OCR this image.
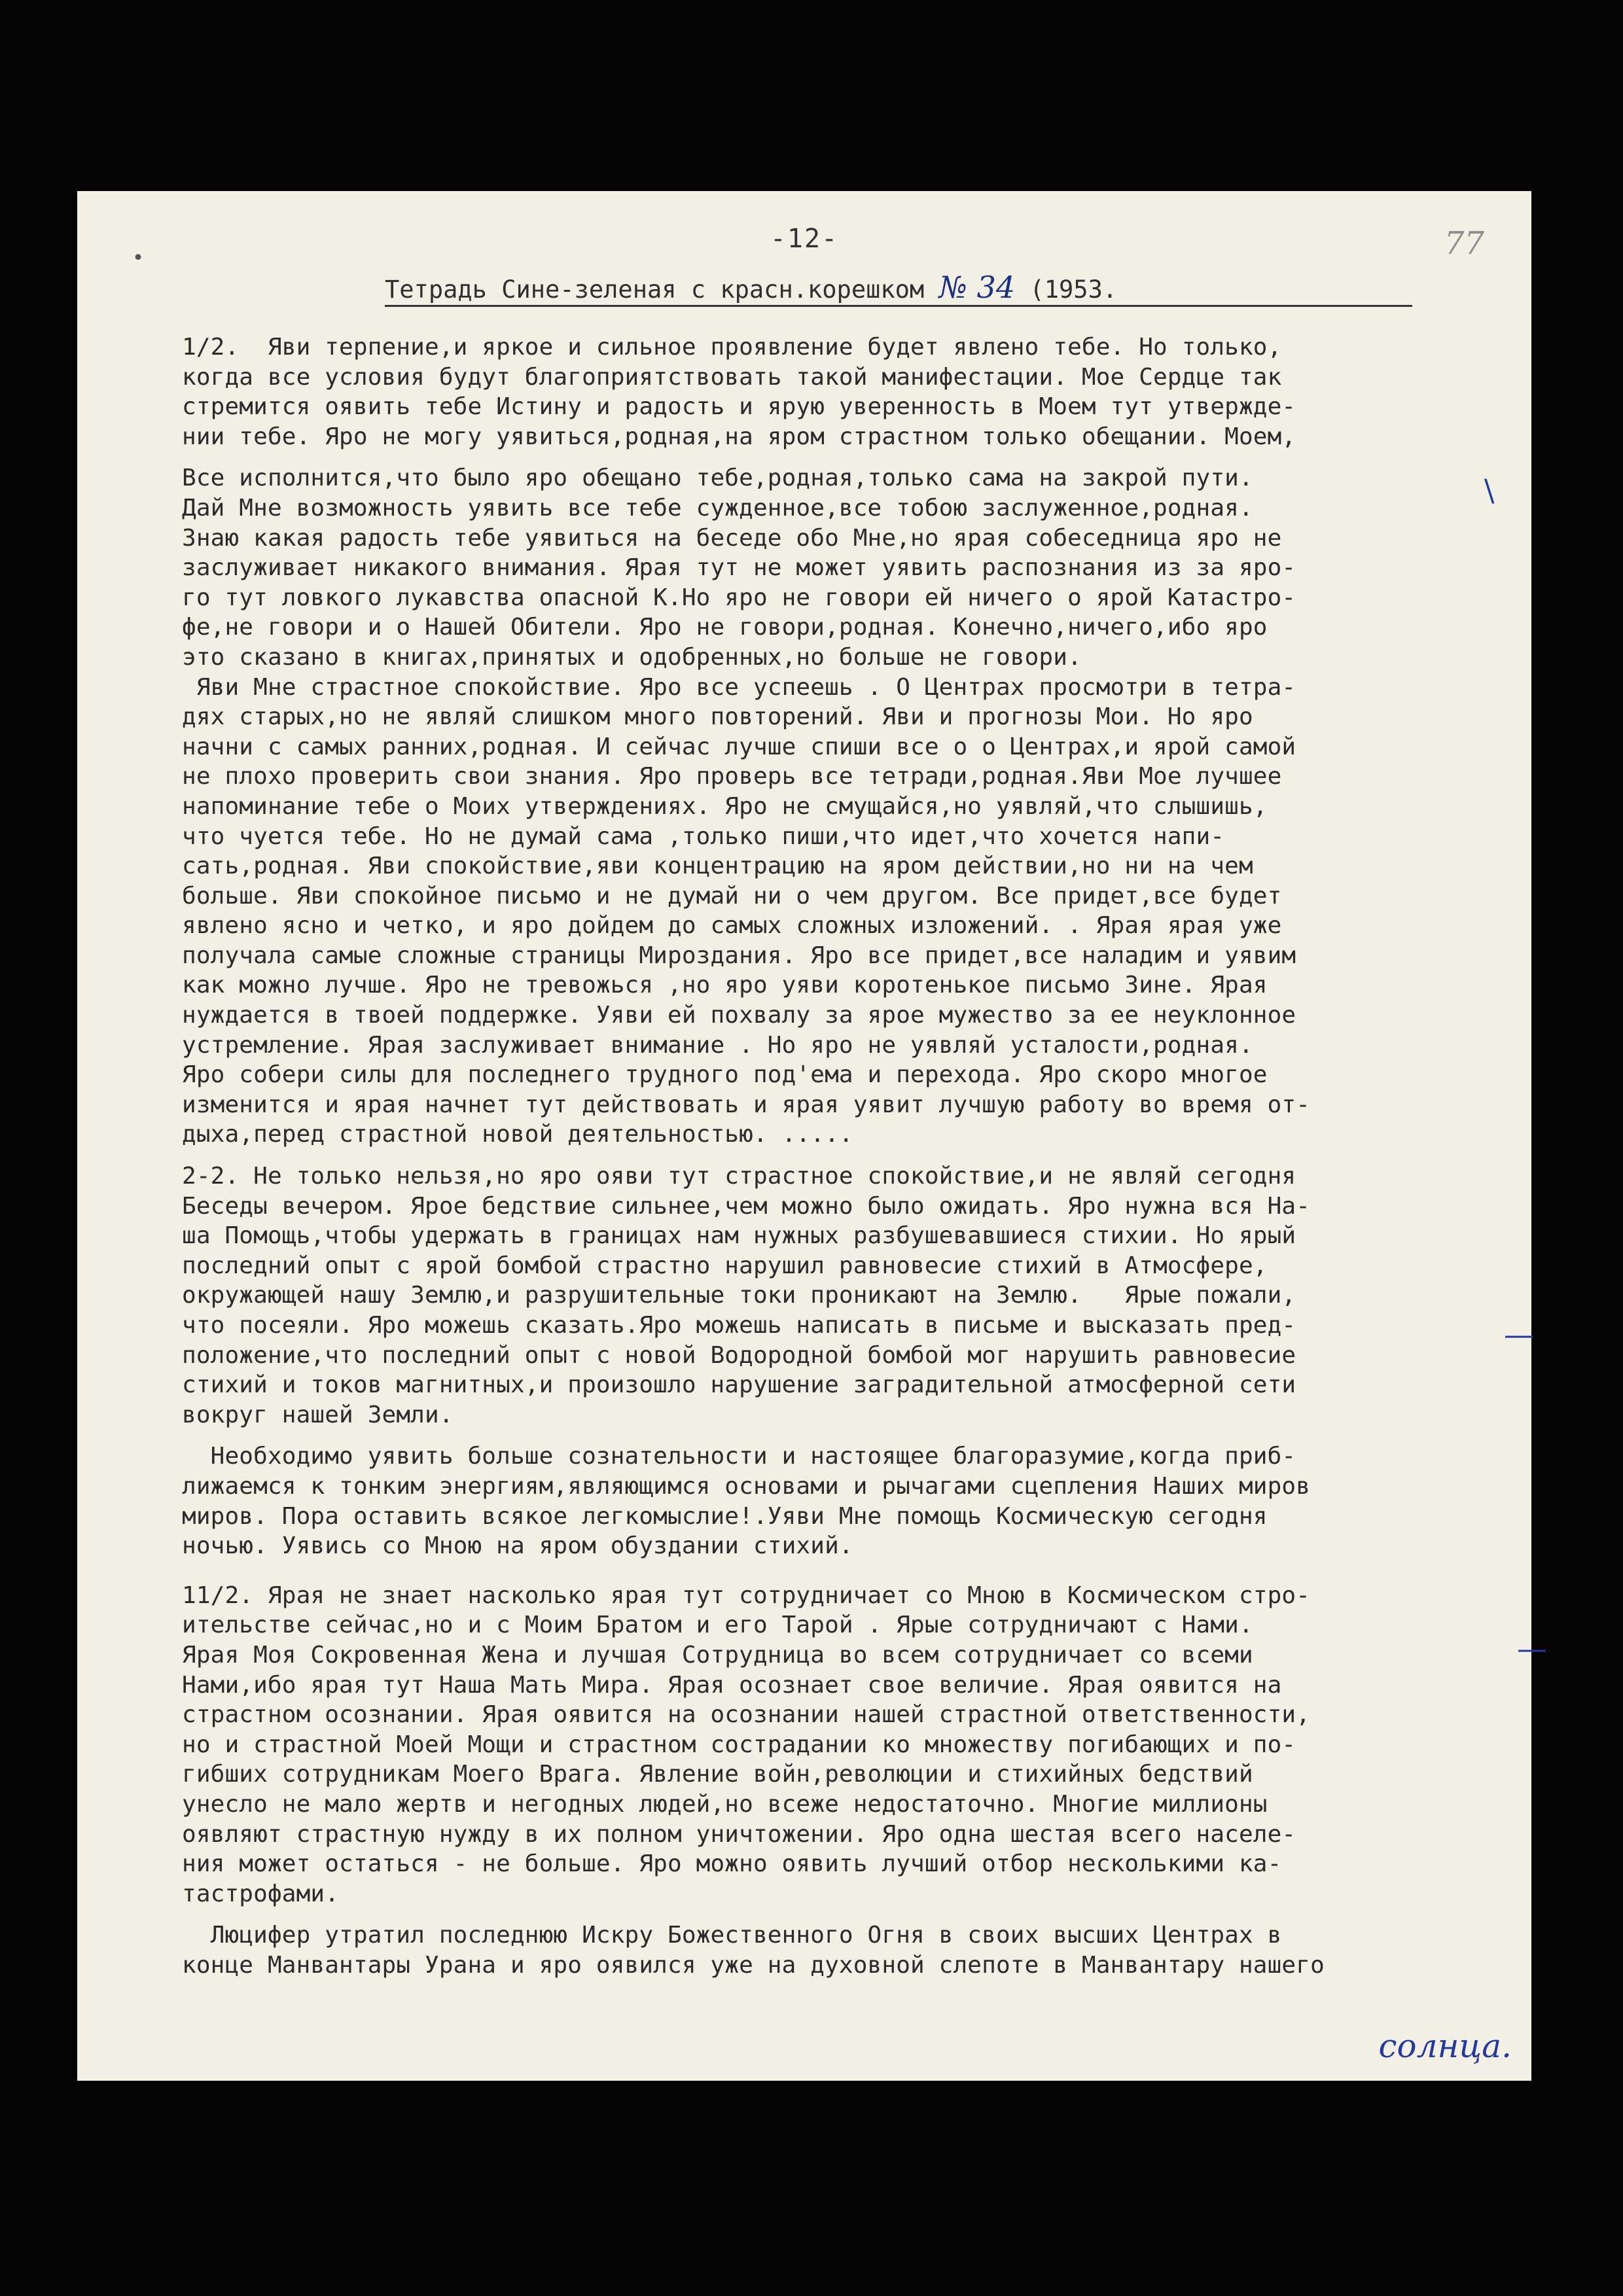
•
-12-	77
Тетрадь Сине-зеленая с красн.корешком № 34 (1953.
1/2.  Яви терпение,и яркое и сильное проявление будет явлено тебе. Но только,
когда все условия будут благоприятствовать такой манифестации. Мое Сердце так
стремится оявить тебе Истину и радость и ярую уверенность в Моем тут утвержде-
нии тебе. Яро не могу уявиться,родная,на яром страстном только обещании. Моем,
Все исполнится,что было яро обещано тебе,родная,только сама на закрой пути.
Дай Мне возможность уявить все тебе сужденное,все тобою заслуженное,родная.
Знаю какая радость тебе уявиться на беседе обо Мне,но ярая собеседница яро не
заслуживает никакого внимания. Ярая тут не может уявить распознания из за яро-
го тут ловкого лукавства опасной К.Но яро не говори ей ничего о ярой Катастро-
фе,не говори и о Нашей Обители. Яро не говори,родная. Конечно,ничего,ибо яро
это сказано в книгах,принятых и одобренных,но больше не говори.
Яви Мне страстное спокойствие. Яро все успеешь . О Центрах просмотри в тетра-
дях старых,но не являй слишком много повторений. Яви и прогнозы Мои. Но яро
начни с самых ранних,родная. И сейчас лучше спиши все о о Центрах,и ярой самой
не плохо проверить свои знания. Яро проверь все тетради,родная.Яви Мое лучшее
напоминание тебе о Моих утверждениях. Яро не смущайся,но уявляй,что слышишь,
что чуется тебе. Но не думай сама ,только пиши,что идет,что хочется напи-
сать,родная. Яви спокойствие,яви концентрацию на яром действии,но ни на чем
больше. Яви спокойное письмо и не думай ни о чем другом. Все придет,все будет
явлено ясно и четко, и яро дойдем до самых сложных изложений. . Ярая ярая уже
получала самые сложные страницы Мироздания. Яро все придет,все наладим и уявим
как можно лучше. Яро не тревожься ,но яро уяви коротенькое письмо Зине. Ярая
нуждается в твоей поддержке. Уяви ей похвалу за ярое мужество за ее неуклонное
устремление. Ярая заслуживает внимание . Но яро не уявляй усталости,родная.
Яро собери силы для последнего трудного под'ема и перехода. Яро скоро многое
изменится и ярая начнет тут действовать и ярая уявит лучшую работу во время от-
дыха,перед страстной новой деятельностью. .....
2-2. Не только нельзя,но яро ояви тут страстное спокойствие,и не являй сегодня
Беседы вечером. Ярое бедствие сильнее,чем можно было ожидать. Яро нужна вся На-
ша Помощь,чтобы удержать в границах нам нужных разбушевавшиеся стихии. Но ярый
последний опыт с ярой бомбой страстно нарушил равновесие стихий в Атмосфере,
окружающей нашу Землю,и разрушительные токи проникают на Землю.   Ярые пожали,
что посеяли. Яро можешь сказать.Яро можешь написать в письме и высказать пред-
положение,что последний опыт с новой Водородной бомбой мог нарушить равновесие
стихий и токов магнитных,и произошло нарушение заградительной атмосферной сети
вокруг нашей Земли.
Необходимо уявить больше сознательности и настоящее благоразумие,когда приб-
лижаемся к тонким энергиям,являющимся основами и рычагами сцепления Наших миров
миров. Пора оставить всякое легкомыслие!.Уяви Мне помощь Космическую сегодня
ночью. Уявись со Мною на яром обуздании стихий.
11/2. Ярая не знает насколько ярая тут сотрудничает со Мною в Космическом стро-
ительстве сейчас,но и с Моим Братом и его Тарой . Ярые сотрудничают с Нами.
Ярая Моя Сокровенная Жена и лучшая Сотрудница во всем сотрудничает со всеми
Нами,ибо ярая тут Наша Мать Мира. Ярая осознает свое величие. Ярая оявится на
страстном осознании. Ярая оявится на осознании нашей страстной ответственности,
но и страстной Моей Мощи и страстном сострадании ко множеству погибающих и по-
гибших сотрудникам Моего Врага. Явление войн,революции и стихийных бедствий
унесло не мало жертв и негодных людей,но всеже недостаточно. Многие миллионы
оявляют страстную нужду в их полном уничтожении. Яро одна шестая всего населе-
ния может остаться - не больше. Яро можно оявить лучший отбор несколькими ка-
тастрофами.
Люцифер утратил последнюю Искру Божественного Огня в своих высших Центрах в
конце Манвантары Урана и яро оявился уже на духовной слепоте в Манвантару нашего
\
—
—
солнца.
